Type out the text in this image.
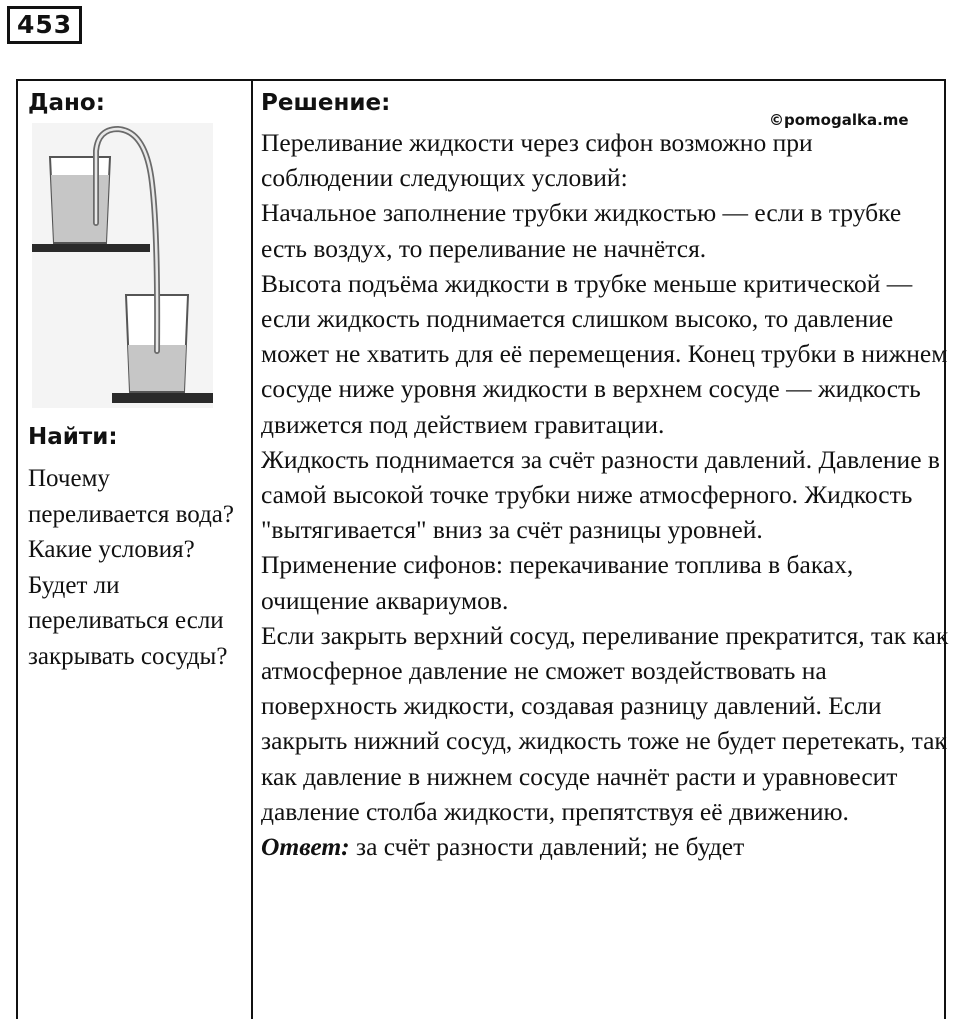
453
Дано:
Найти:
Почему переливается вода? Какие условия? Будет ли переливаться если закрывать сосуды?
Решение:
©pomogalka.me

Переливание жидкости через сифон возможно при соблюдении следующих условий:

Начальное заполнение трубки жидкостью — если в трубке есть воздух, то переливание не начнётся.

Высота подъёма жидкости в трубке меньше критической — если жидкость поднимается слишком высоко, то давление может не хватить для её перемещения. Конец трубки в нижнем сосуде ниже уровня жидкости в верхнем сосуде — жидкость движется под действием гравитации.

Жидкость поднимается за счёт разности давлений. Давление в самой высокой точке трубки ниже атмосферного. Жидкость "вытягивается" вниз за счёт разницы уровней.

Применение сифонов: перекачивание топлива в баках, очищение аквариумов.

Если закрыть верхний сосуд, переливание прекратится, так как атмосферное давление не сможет воздействовать на поверхность жидкости, создавая разницу давлений. Если закрыть нижний сосуд, жидкость тоже не будет перетекать, так как давление в нижнем сосуде начнёт расти и уравновесит давление столба жидкости, препятствуя её движению.

Ответ: за счёт разности давлений; не будет
